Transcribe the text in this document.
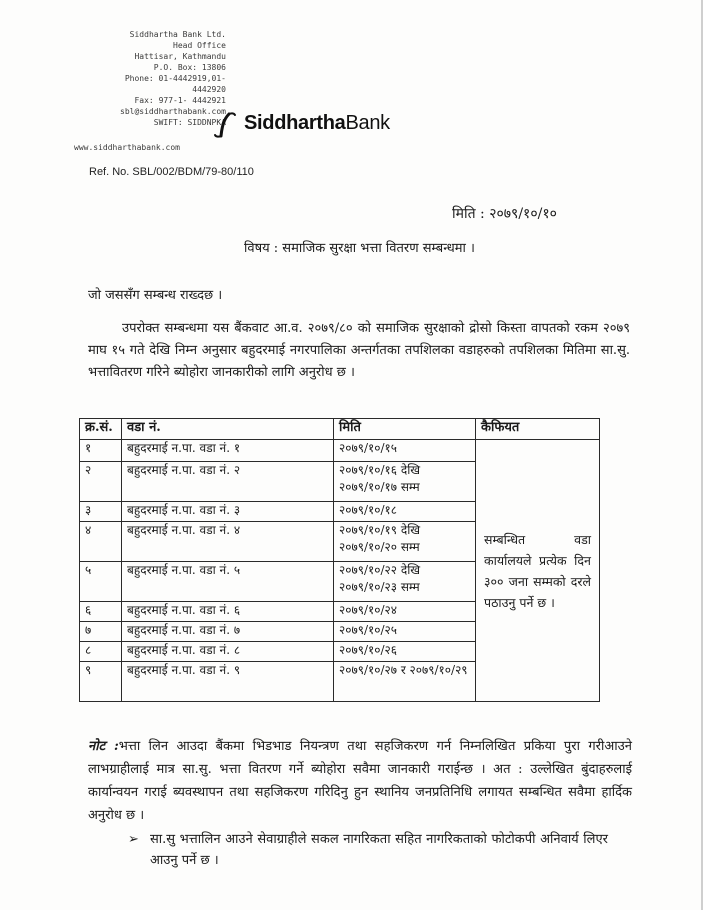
Siddhartha Bank Ltd.
Head Office
Hattisar, Kathmandu
P.O. Box: 13806
Phone: 01-4442919,01-
4442920
Fax: 977-1- 4442921
sbl@siddharthabank.com
SWIFT: SIDDNPKA
www.siddharthabank.com
SiddharthaBank
Ref. No. SBL/002/BDM/79-80/110
मिति : २०७९/१०/१०
विषय : समाजिक सुरक्षा भत्ता वितरण सम्बन्धमा ।
जो जससँग सम्बन्ध राख्दछ ।
उपरोक्त सम्बन्धमा यस बैंकवाट आ.व. २०७९/८० को समाजिक सुरक्षाको द्रोसो किस्ता वापतको रकम २०७९ माघ १५ गते देखि निम्न अनुसार बहुदरमाई नगरपालिका अन्तर्गतका तपशिलका वडाहरुको तपशिलका मितिमा सा.सु. भत्तावितरण गरिने ब्योहोरा जानकारीको लागि अनुरोध छ ।
क्र.सं.	वडा नं.	मिति	कैफियत
१	बहुदरमाई न.पा. वडा नं. १	२०७९/१०/१५	सम्बन्धित वडा कार्यालयले प्रत्येक दिन ३०० जना सम्मको दरले पठाउनु पर्ने छ ।
२	बहुदरमाई न.पा. वडा नं. २	२०७९/१०/१६ देखि २०७९/१०/१७ सम्म	
३	बहुदरमाई न.पा. वडा नं. ३	२०७९/१०/१८	
४	बहुदरमाई न.पा. वडा नं. ४	२०७९/१०/१९ देखि २०७९/१०/२० सम्म	
५	बहुदरमाई न.पा. वडा नं. ५	२०७९/१०/२२ देखि २०७९/१०/२३ सम्म	
६	बहुदरमाई न.पा. वडा नं. ६	२०७९/१०/२४	
७	बहुदरमाई न.पा. वडा नं. ७	२०७९/१०/२५	
८	बहुदरमाई न.पा. वडा नं. ८	२०७९/१०/२६	
९	बहुदरमाई न.पा. वडा नं. ९	२०७९/१०/२७ र २०७९/१०/२९	
नोट :भत्ता लिन आउदा बैंकमा भिडभाड नियन्त्रण तथा सहजिकरण गर्न निम्नलिखित प्रकिया पुरा गरीआउने लाभग्राहीलाई मात्र सा.सु. भत्ता वितरण गर्ने ब्योहोरा सवैमा जानकारी गराईन्छ । अत : उल्लेखित बुंदाहरुलाई कार्यान्वयन गराई ब्यवस्थापन तथा सहजिकरण गरिदिनु हुन स्थानिय जनप्रतिनिधि लगायत सम्बन्धित सवैमा हार्दिक अनुरोध छ ।
➢ सा.सु भत्तालिन आउने सेवाग्राहीले सकल नागरिकता सहित नागरिकताको फोटोकपी अनिवार्य लिएर आउनु पर्ने छ ।
